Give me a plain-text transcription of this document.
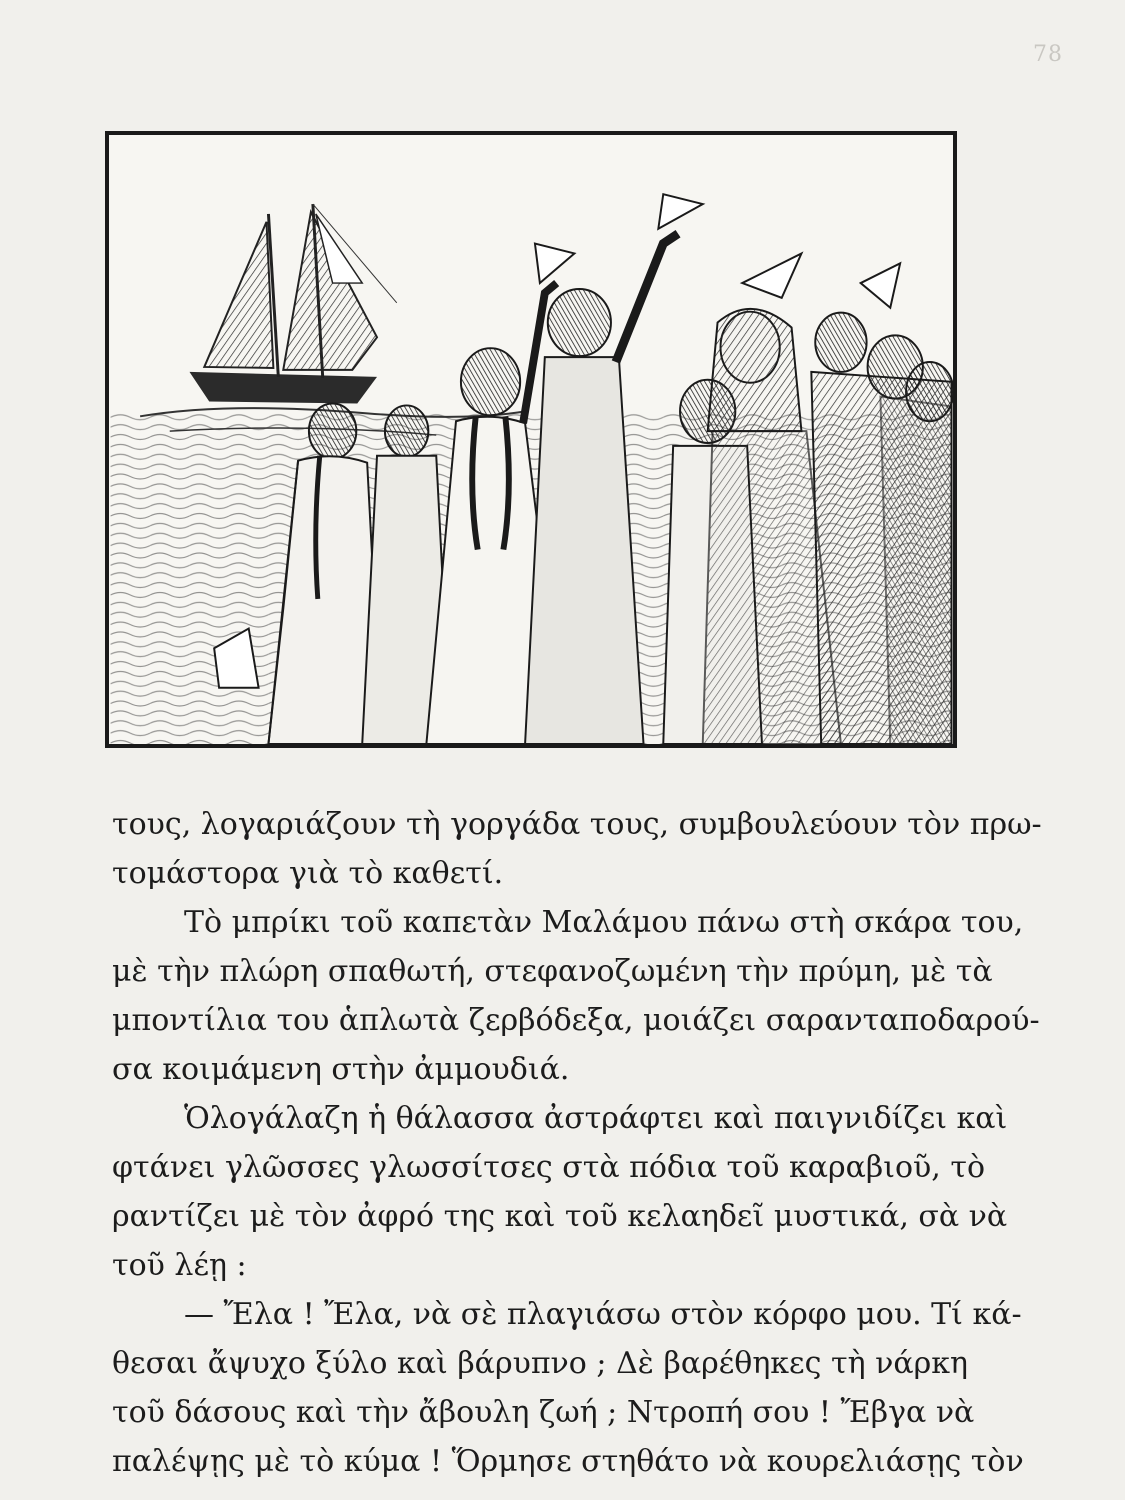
78
τους, λογαριάζουν τὴ γοργάδα τους, συμβουλεύουν τὸν πρω-
τομάστορα γιὰ τὸ καθετί.
Τὸ μπρίκι τοῦ καπετὰν Μαλάμου πάνω στὴ σκάρα του,
μὲ τὴν πλώρη σπαθωτή, στεφανοζωμένη τὴν πρύμη, μὲ τὰ
μποντίλια του ἁπλωτὰ ζερβόδεξα, μοιάζει σαρανταποδαρού-
σα κοιμάμενη στὴν ἀμμουδιά.
Ὁλογάλαζη ἡ θάλασσα ἀστράφτει καὶ παιγνιδίζει καὶ
φτάνει γλῶσσες γλωσσίτσες στὰ πόδια τοῦ καραβιοῦ, τὸ
ραντίζει μὲ τὸν ἀφρό της καὶ τοῦ κελαηδεῖ μυστικά, σὰ νὰ
τοῦ λέῃ :
— Ἔλα ! Ἔλα, νὰ σὲ πλαγιάσω στὸν κόρφο μου. Τί κά-
θεσαι ἄψυχο ξύλο καὶ βάρυπνο ; Δὲ βαρέθηκες τὴ νάρκη
τοῦ δάσους καὶ τὴν ἄβουλη ζωή ; Ντροπή σου ! Ἔβγα νὰ
παλέψῃς μὲ τὸ κύμα ! Ὅρμησε στηθάτο νὰ κουρελιάσῃς τὸν
